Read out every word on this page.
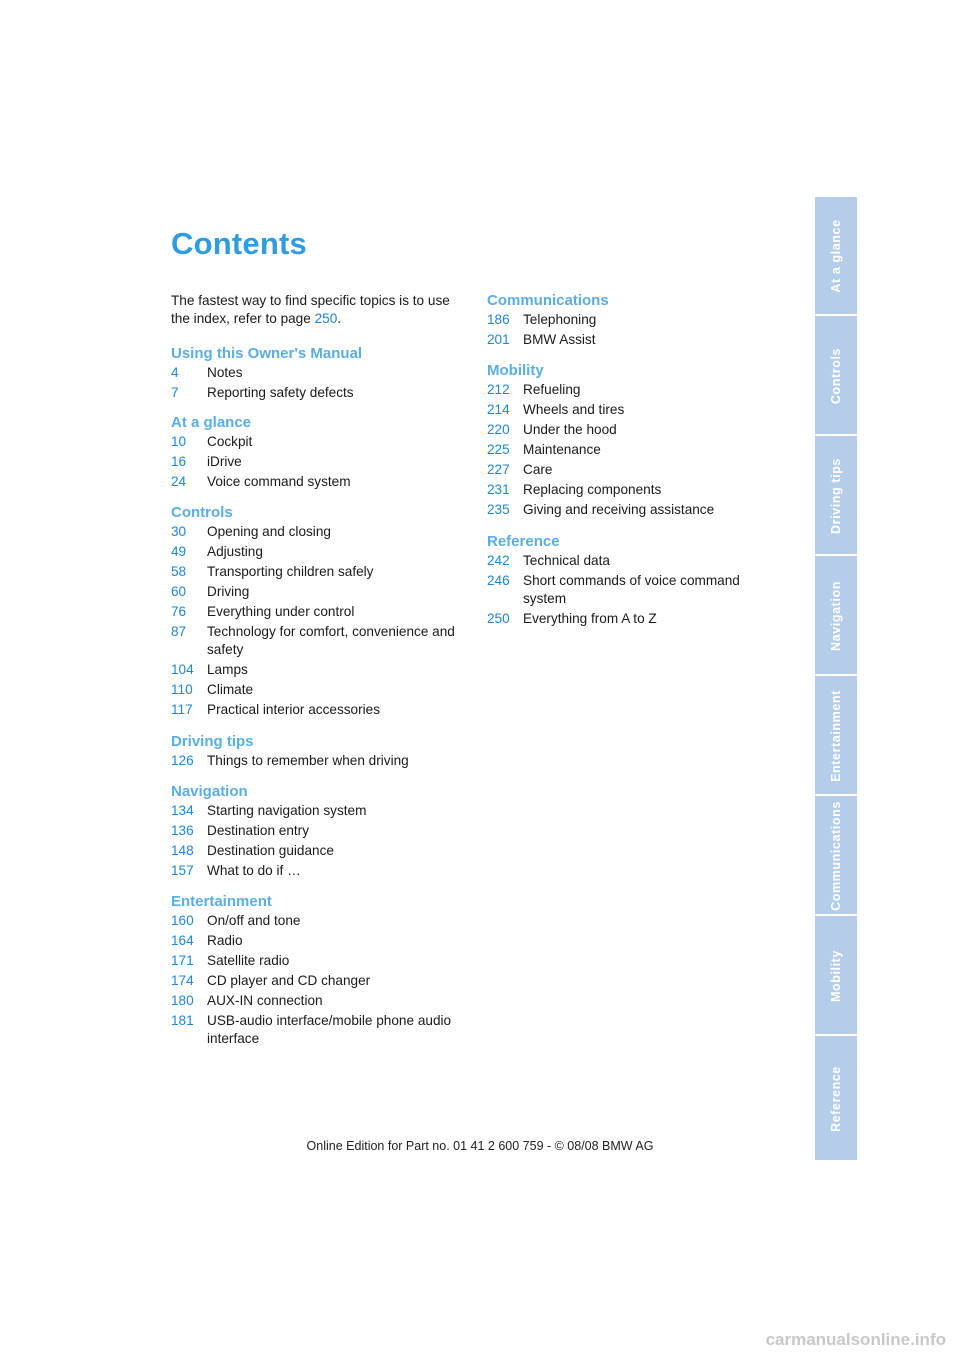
Contents
The fastest way to find specific topics is to use the index, refer to page 250.
Using this Owner's Manual
4	Notes
7	Reporting safety defects
At a glance
10	Cockpit
16	iDrive
24	Voice command system
Controls
30	Opening and closing
49	Adjusting
58	Transporting children safely
60	Driving
76	Everything under control
87	Technology for comfort, convenience and safety
104 Lamps
110	Climate
117	Practical interior accessories
Driving tips
126 Things to remember when driving
Navigation
134 Starting navigation system
136 Destination entry
148 Destination guidance
157 What to do if …
Entertainment
160 On/off and tone
164 Radio
171 Satellite radio
174 CD player and CD changer
180 AUX-IN connection
181 USB-audio interface/mobile phone audio interface
Communications
186 Telephoning
201 BMW Assist
Mobility
212 Refueling
214 Wheels and tires
220 Under the hood
225 Maintenance
227 Care
231 Replacing components
235 Giving and receiving assistance
Reference
242 Technical data
246 Short commands of voice command system
250 Everything from A to Z
At a glance
Controls
Driving tips
Navigation
Entertainment
Communications
Mobility
Reference
Online Edition for Part no. 01 41 2 600 759 - © 08/08 BMW AG
carmanualsonline.info
